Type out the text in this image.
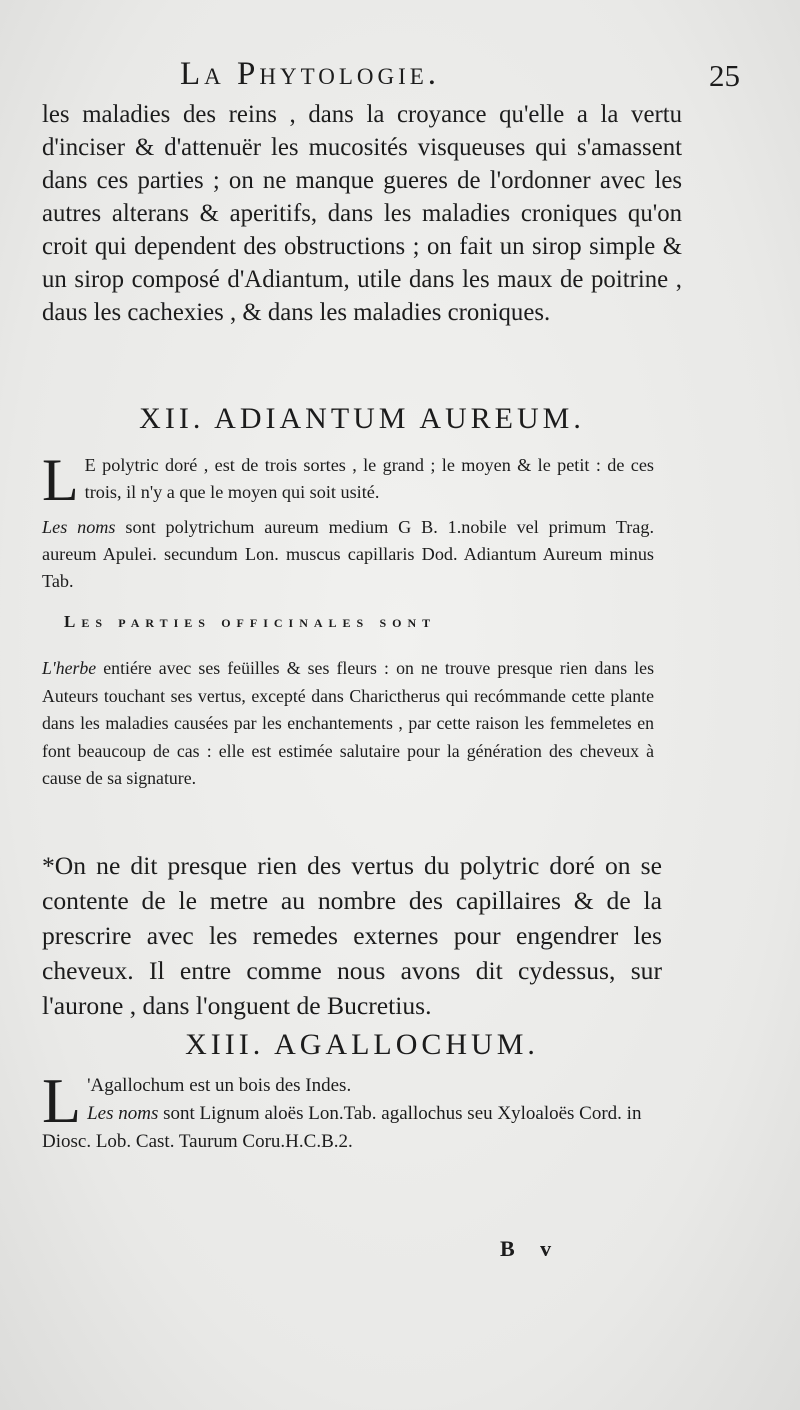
La Phytologie.	25

les maladies des reins , dans la croyance qu'elle a la vertu d'inciser & d'attenuër les mucosités visqueuses qui s'amassent dans ces parties ; on ne manque gueres de l'ordonner avec les autres alterans & aperitifs, dans les maladies croniques qu'on croit qui dependent des obstructions ; on fait un sirop simple & un sirop composé d'Adiantum, utile dans les maux de poitrine , daus les cachexies , & dans les maladies croniques.

XII. ADIANTUM AUREUM.

L E polytric doré , est de trois sortes , le grand ; le moyen & le petit : de ces trois, il n'y a que le moyen qui soit usité.

Les noms sont polytrichum aureum medium G B. 1.nobile vel primum Trag. aureum Apulei. secundum Lon. muscus capillaris Dod. Adiantum Aureum minus Tab.

Les parties officinales sont

L'herbe entiére avec ses feüilles & ses fleurs : on ne trouve presque rien dans les Auteurs touchant ses vertus, excepté dans Charictherus qui recómmande cette plante dans les maladies causées par les enchantements , par cette raison les femmeletes en font beaucoup de cas : elle est estimée salutaire pour la génération des cheveux à cause de sa signature.

*On ne dit presque rien des vertus du polytric doré on se contente de le metre au nombre des capillaires & de la prescrire avec les remedes externes pour engendrer les cheveux. Il entre comme nous avons dit cydessus, sur l'aurone , dans l'onguent de Bucretius.

XIII. AGALLOCHUM.

L 'Agallochum est un bois des Indes.
Les noms sont Lignum aloës Lon.Tab. agallochus seu Xyloaloës Cord. in Diosc. Lob. Cast. Taurum Coru.H.C.B.2.

B v
